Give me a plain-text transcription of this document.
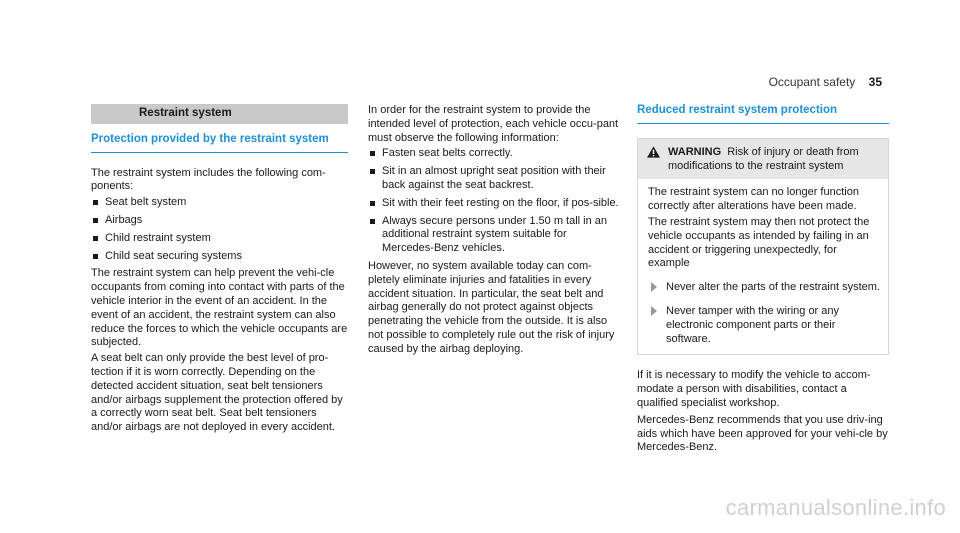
Occupant safety 35
Restraint system
Protection provided by the restraint system

The restraint system includes the following com-ponents:

Seat belt system
Airbags
Child restraint system
Child seat securing systems

The restraint system can help prevent the vehi-cle occupants from coming into contact with parts of the vehicle interior in the event of an accident. In the event of an accident, the restraint system can also reduce the forces to which the vehicle occupants are subjected.

A seat belt can only provide the best level of pro-tection if it is worn correctly. Depending on the detected accident situation, seat belt tensioners and/or airbags supplement the protection offered by a correctly worn seat belt. Seat belt tensioners and/or airbags are not deployed in every accident.

In order for the restraint system to provide the intended level of protection, each vehicle occu-pant must observe the following information:

Fasten seat belts correctly.
Sit in an almost upright seat position with their back against the seat backrest.
Sit with their feet resting on the floor, if pos-sible.
Always secure persons under 1.50 m tall in an additional restraint system suitable for Mercedes-Benz vehicles.

However, no system available today can com-pletely eliminate injuries and fatalities in every accident situation. In particular, the seat belt and airbag generally do not protect against objects penetrating the vehicle from the outside. It is also not possible to completely rule out the risk of injury caused by the airbag deploying.

Reduced restraint system protection
WARNING Risk of injury or death from modifications to the restraint system

The restraint system can no longer function correctly after alterations have been made.

The restraint system may then not protect the vehicle occupants as intended by failing in an accident or triggering unexpectedly, for example

Never alter the parts of the restraint system.
Never tamper with the wiring or any electronic component parts or their software.

If it is necessary to modify the vehicle to accom-modate a person with disabilities, contact a qualified specialist workshop.

Mercedes-Benz recommends that you use driv-ing aids which have been approved for your vehi-cle by Mercedes-Benz.

carmanualsonline.info
